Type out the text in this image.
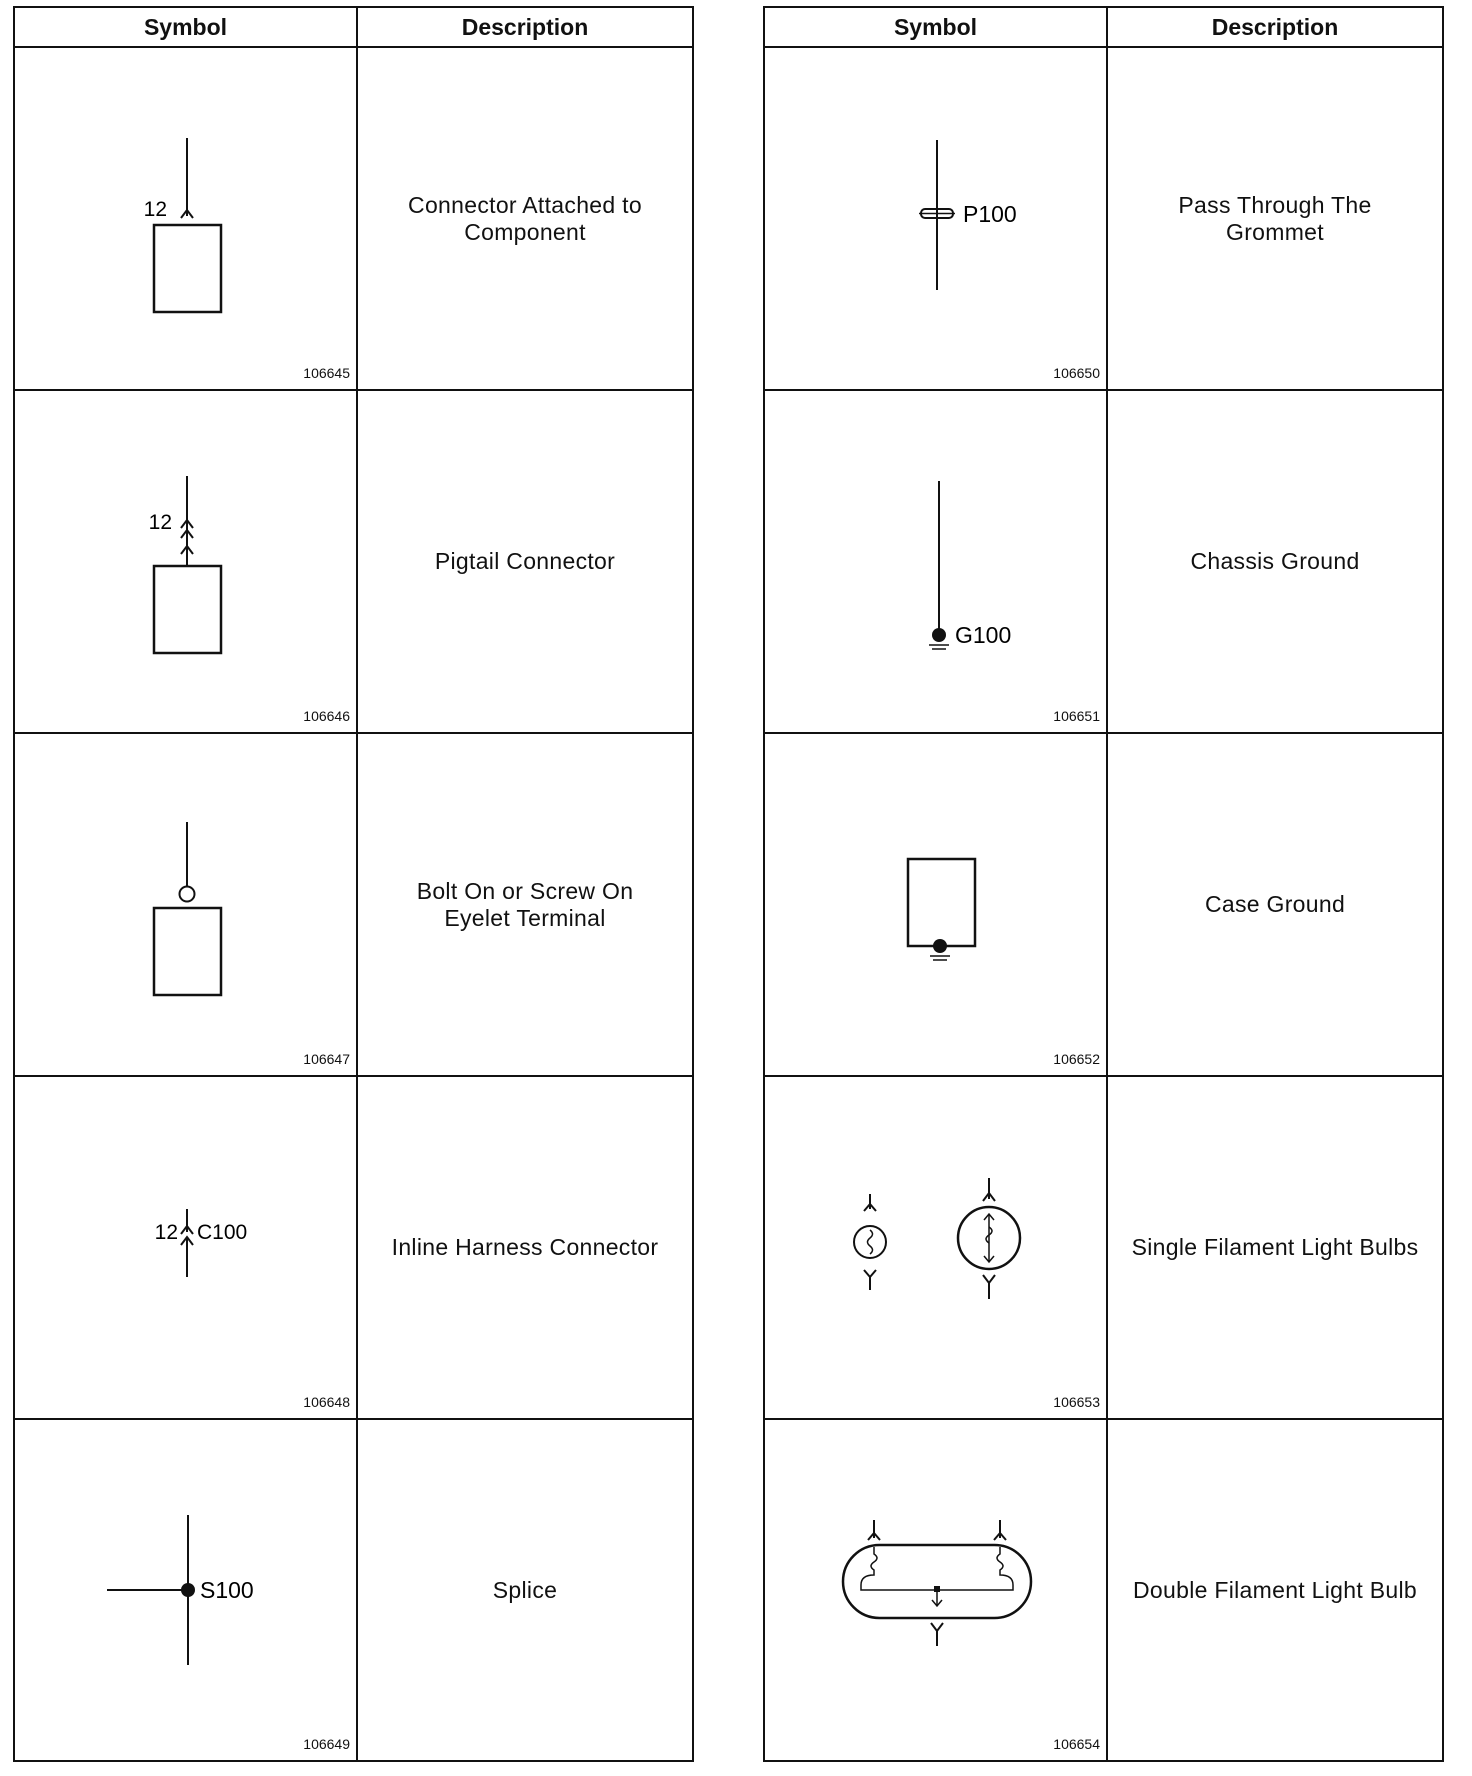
Symbol	Description
12
106645
Connector Attached to
Component
12
106646
Pigtail Connector
106647
Bolt On or Screw On
Eyelet Terminal
12 C100
106648
Inline Harness Connector
S100
106649
Splice
Symbol	Description
P100
106650
Pass Through The
Grommet
G100
106651
Chassis Ground
106652
Case Ground
106653
Single Filament Light Bulbs
106654
Double Filament Light Bulb
